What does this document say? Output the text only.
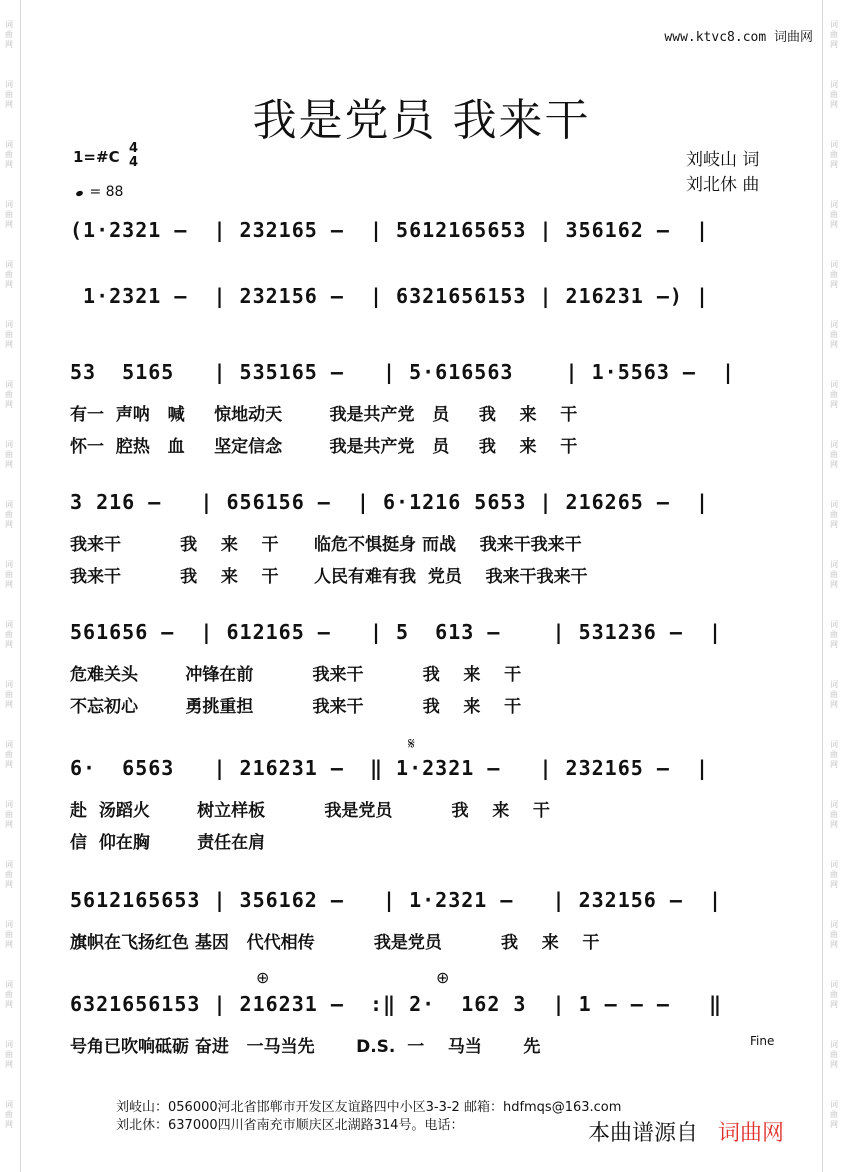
词 曲 网
词 曲 网
词 曲 网
词 曲 网
词 曲 网
词 曲 网
词 曲 网
词 曲 网
词 曲 网
词 曲 网
词 曲 网
词 曲 网
词 曲 网
词 曲 网
词 曲 网
词 曲 网
词 曲 网
词 曲 网
词 曲 网
词 曲 网
词 曲 网
词 曲 网
词 曲 网
词 曲 网
词 曲 网
词 曲 网
词 曲 网
词 曲 网
词 曲 网
词 曲 网
词 曲 网
词 曲 网
词 曲 网
词 曲 网
词 曲 网
词 曲 网
词 曲 网
词 曲 网
www.ktvc8.com 词曲网
我是党员 我来干
1=#C 4
4
= 88
刘岐山 词
刘北休 曲
(1·2321 –  | 232165 –  | 5612165653 | 356162 –  |
1·2321 –  | 232156 –  | 6321656153 | 216231 –) |
53  5165   | 535165 –   | 5·616563    | 1·5563 –  |
有一  声呐   喊     惊地动天        我是共产党   员     我    来    干
怀一  腔热   血     坚定信念        我是共产党   员     我    来    干
3 216 –   | 656156 –  | 6·1216 5653 | 216265 –  |
我来干          我    来    干      临危不惧挺身 而战    我来干我来干
我来干          我    来    干      人民有难有我  党员    我来干我来干
561656 –  | 612165 –   | 5  613 –    | 531236 –  |
危难关头        冲锋在前          我来干          我    来    干
不忘初心        勇挑重担          我来干          我    来    干
6·  6563   | 216231 –  ‖ 1·2321 –   | 232165 –  |
赴  汤蹈火        树立样板          我是党员          我    来    干
信  仰在胸        责任在肩
5612165653 | 356162 –   | 1·2321 –   | 232156 –  |
旗帜在飞扬红色 基因   代代相传          我是党员          我    来    干
6321656153 | 216231 –  :‖ 2·  162 3  | 1 – – –   ‖
号角已吹响砥砺 奋进   一马当先       D.S.  一    马当       先
𝄋
⊕	⊕
Fine
刘岐山：056000河北省邯郸市开发区友谊路四中小区3-3-2 邮箱：hdfmqs@163.com
刘北休：637000四川省南充市顺庆区北湖路314号。电话：	本曲谱源自 词曲网
